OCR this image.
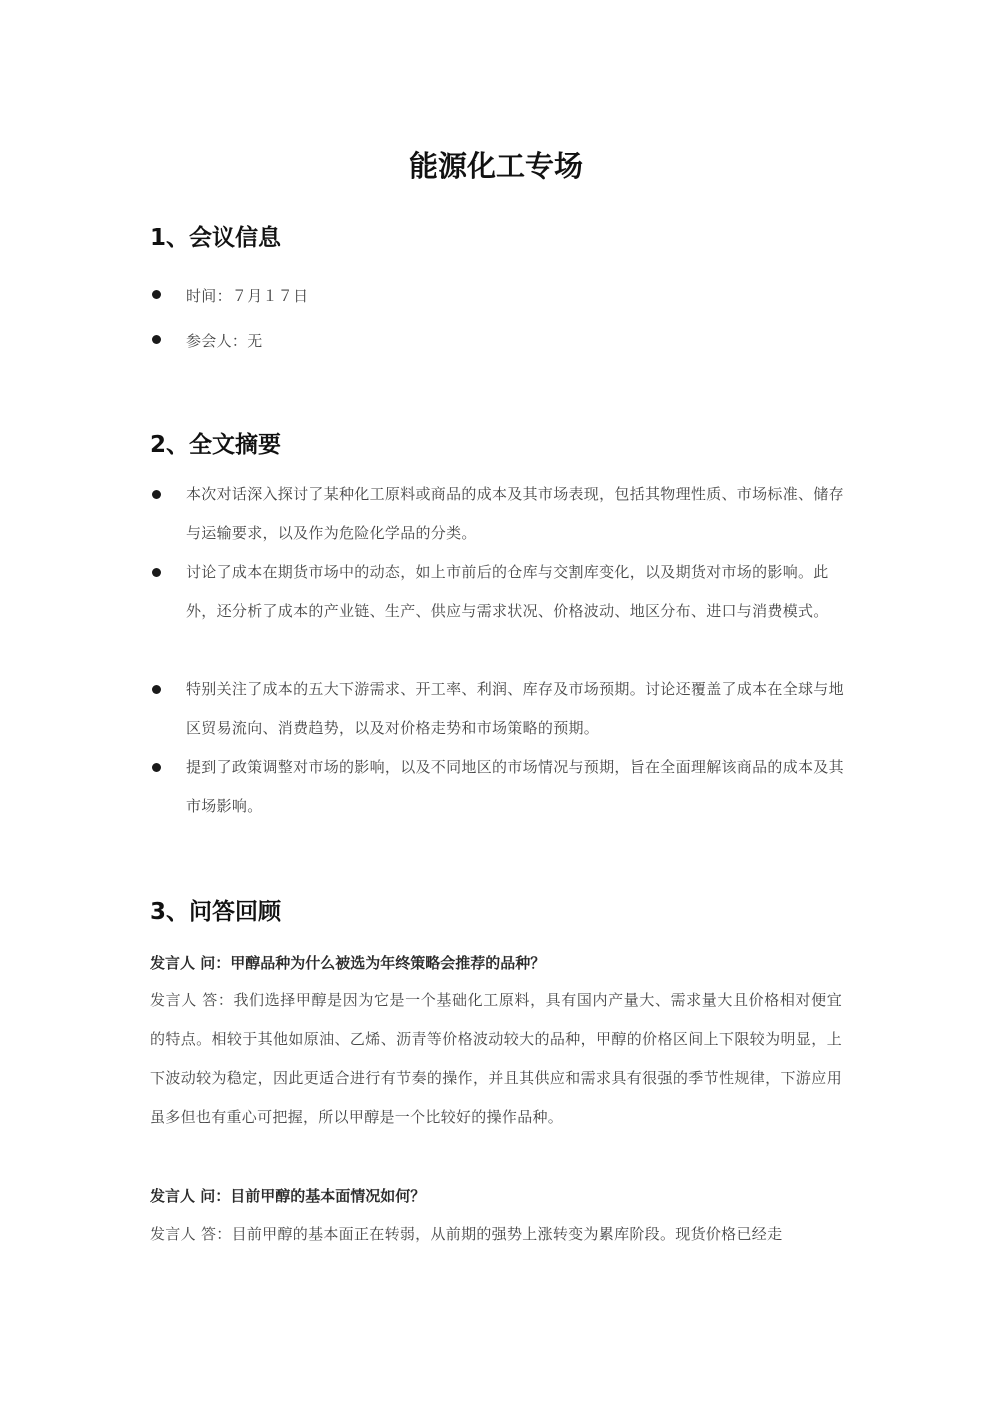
能源化工专场
1、会议信息
时间：７月１７日
参会人：无
2、全文摘要
本次对话深入探讨了某种化工原料或商品的成本及其市场表现，包括其物理性质、市场标准、储存与运输要求，以及作为危险化学品的分类。
讨论了成本在期货市场中的动态，如上市前后的仓库与交割库变化，以及期货对市场的影响。此外，还分析了成本的产业链、生产、供应与需求状况、价格波动、地区分布、进口与消费模式。
特别关注了成本的五大下游需求、开工率、利润、库存及市场预期。讨论还覆盖了成本在全球与地区贸易流向、消费趋势，以及对价格走势和市场策略的预期。
提到了政策调整对市场的影响，以及不同地区的市场情况与预期，旨在全面理解该商品的成本及其市场影响。
3、问答回顾
发言人 问：甲醇品种为什么被选为年终策略会推荐的品种？
发言人 答：我们选择甲醇是因为它是一个基础化工原料，具有国内产量大、需求量大且价格相对便宜的特点。相较于其他如原油、乙烯、沥青等价格波动较大的品种，甲醇的价格区间上下限较为明显，上下波动较为稳定，因此更适合进行有节奏的操作，并且其供应和需求具有很强的季节性规律，下游应用虽多但也有重心可把握，所以甲醇是一个比较好的操作品种。
发言人 问：目前甲醇的基本面情况如何？
发言人 答：目前甲醇的基本面正在转弱，从前期的强势上涨转变为累库阶段。现货价格已经走
